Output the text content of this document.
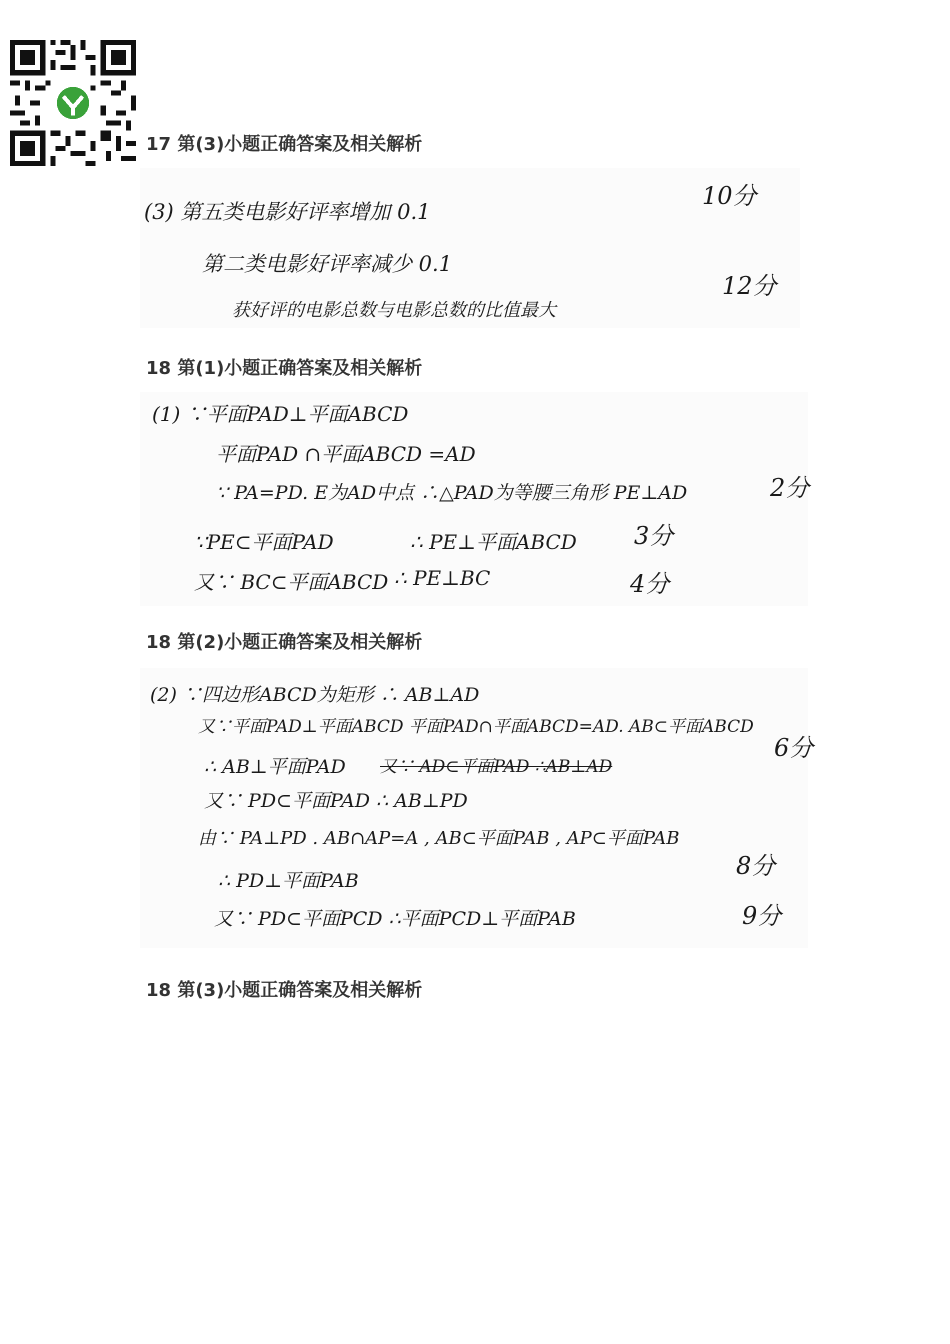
17 第(3)小题正确答案及相关解析
(3) 第五类电影好评率增加 0.1
第二类电影好评率减少 0.1
获好评的电影总数与电影总数的比值最大
10分
12分
18 第(1)小题正确答案及相关解析
(1) ∵平面PAD⊥平面ABCD
平面PAD ∩平面ABCD =AD
∵ PA=PD. E为AD中点 ∴△PAD为等腰三角形 PE⊥AD
∵PE⊂平面PAD	∴ PE⊥平面ABCD
又∵ BC⊂平面ABCD ∴ PE⊥BC
2分
3分
4分
18 第(2)小题正确答案及相关解析
(2) ∵四边形ABCD为矩形 ∴ AB⊥AD
又∵平面PAD⊥平面ABCD 平面PAD∩平面ABCD=AD. AB⊂平面ABCD
∴ AB⊥平面PAD 又∵ AD⊂平面PAD ∴AB⊥AD
又∵ PD⊂平面PAD ∴ AB⊥PD
由∵ PA⊥PD . AB∩AP=A , AB⊂平面PAB , AP⊂平面PAB
∴ PD⊥平面PAB
又∵ PD⊂平面PCD ∴平面PCD⊥平面PAB
6分
8分
9分
18 第(3)小题正确答案及相关解析
